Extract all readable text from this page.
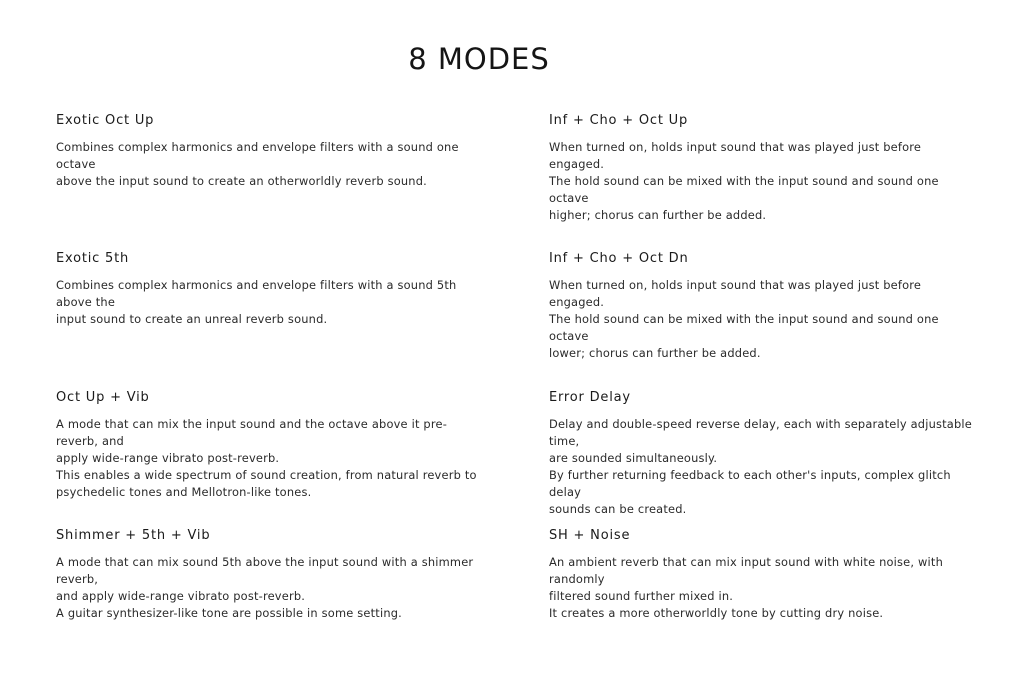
8 MODES
Exotic Oct Up

Combines complex harmonics and envelope filters with a sound one octave
above the input sound to create an otherworldly reverb sound.

Inf + Cho + Oct Up

When turned on, holds input sound that was played just before engaged.
The hold sound can be mixed with the input sound and sound one octave
higher; chorus can further be added.

Exotic 5th

Combines complex harmonics and envelope filters with a sound 5th above the
input sound to create an unreal reverb sound.

Inf + Cho + Oct Dn

When turned on, holds input sound that was played just before engaged.
The hold sound can be mixed with the input sound and sound one octave
lower; chorus can further be added.

Oct Up + Vib

A mode that can mix the input sound and the octave above it pre-reverb, and
apply wide-range vibrato post-reverb.
This enables a wide spectrum of sound creation, from natural reverb to
psychedelic tones and Mellotron-like tones.

Error Delay

Delay and double-speed reverse delay, each with separately adjustable time,
are sounded simultaneously.
By further returning feedback to each other's inputs, complex glitch delay
sounds can be created.

Shimmer + 5th + Vib

A mode that can mix sound 5th above the input sound with a shimmer reverb,
and apply wide-range vibrato post-reverb.
A guitar synthesizer-like tone are possible in some setting.

SH + Noise

An ambient reverb that can mix input sound with white noise, with randomly
filtered sound further mixed in.
It creates a more otherworldly tone by cutting dry noise.
